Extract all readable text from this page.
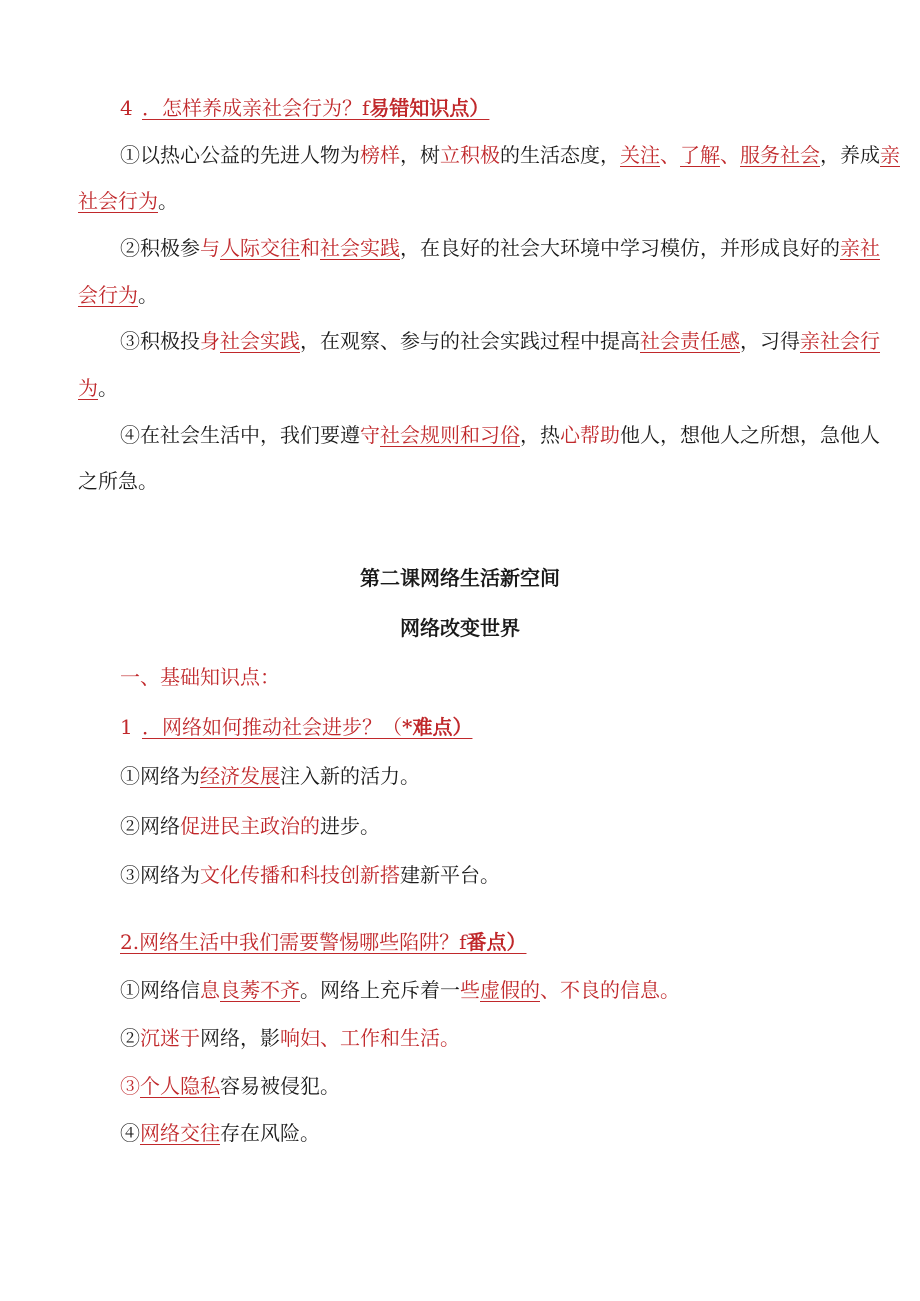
4 ．怎样养成亲社会行为？f易错知识点）
①以热心公益的先进人物为榜样，树立积极的生活态度，关注、了解、服务社会，养成亲
社会行为。
②积极参与人际交往和社会实践，在良好的社会大环境中学习模仿，并形成良好的亲社
会行为。
③积极投身社会实践，在观察、参与的社会实践过程中提高社会责任感，习得亲社会行
为。
④在社会生活中，我们要遵守社会规则和习俗，热心帮助他人，想他人之所想，急他人
之所急。
第二课网络生活新空间
网络改变世界
一、基础知识点：
1 ．网络如何推动社会进步？（*难点）
①网络为经济发展注入新的活力。
②网络促进民主政治的进步。
③网络为文化传播和科技创新搭建新平台。
2.网络生活中我们需要警惕哪些陷阱？f番点）
①网络信息良莠不齐。网络上充斥着一些虚假的、不良的信息。
②沉迷于网络，影响妇、工作和生活。
③个人隐私容易被侵犯。
④网络交往存在风险。
